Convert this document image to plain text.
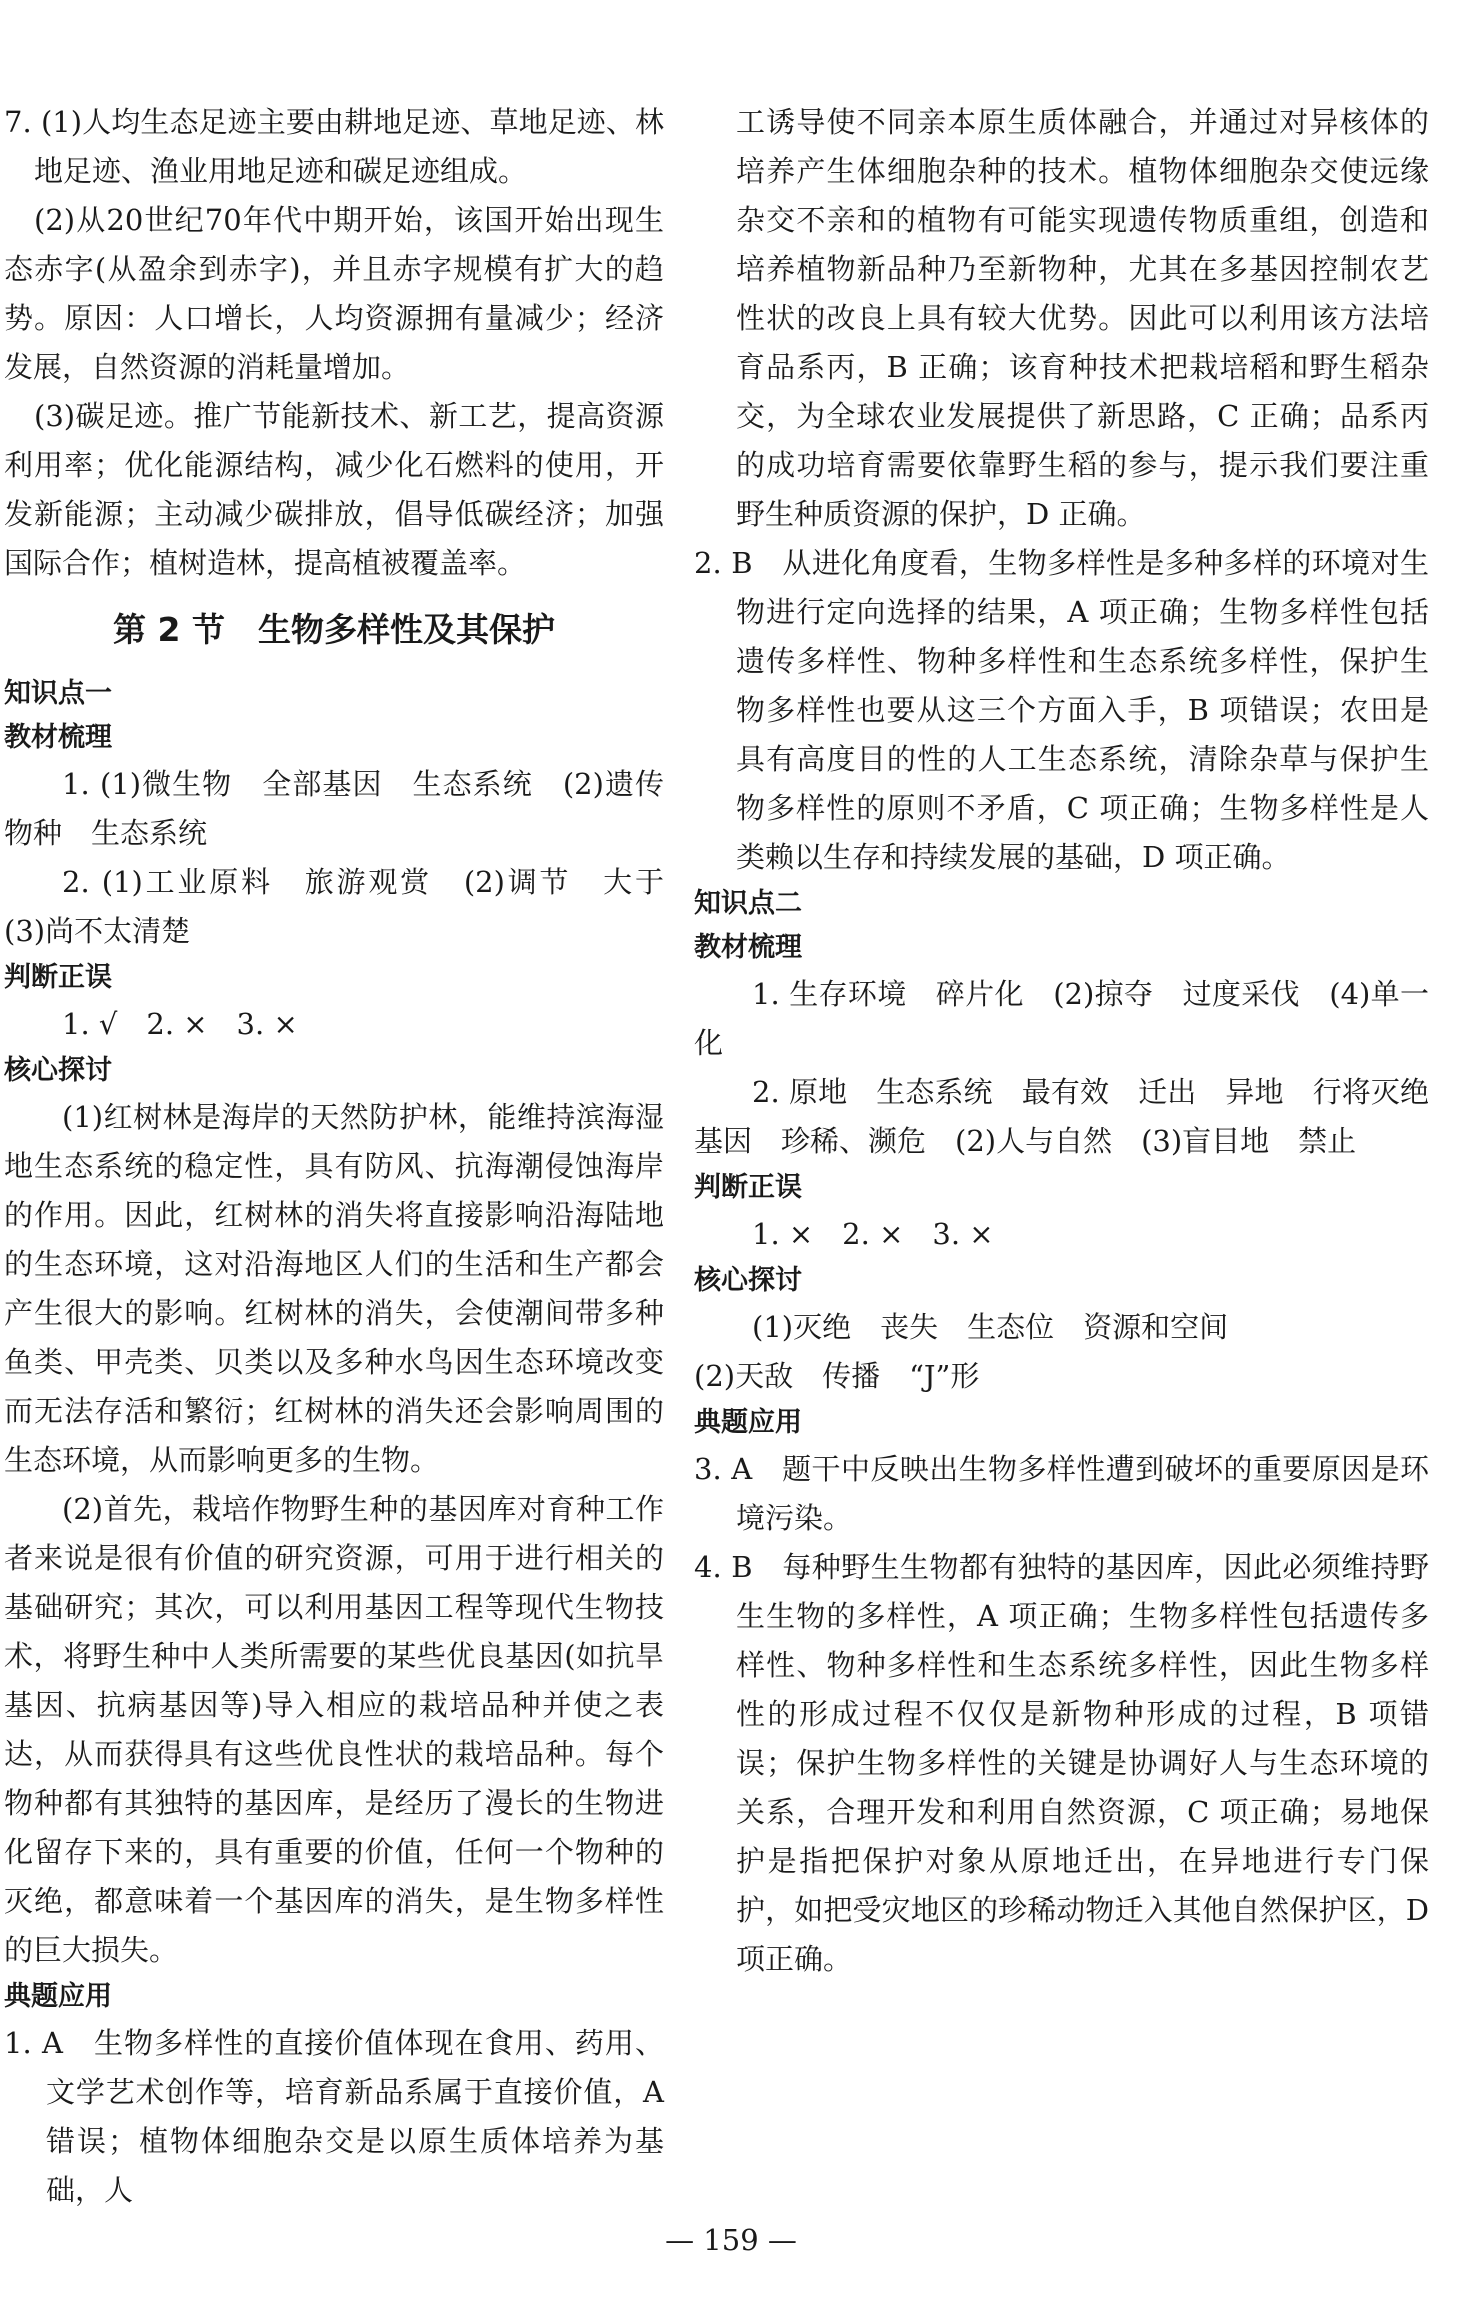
7. (1)人均生态足迹主要由耕地足迹、草地足迹、林地足迹、渔业用地足迹和碳足迹组成。

(2)从20世纪70年代中期开始，该国开始出现生态赤字(从盈余到赤字)，并且赤字规模有扩大的趋势。原因：人口增长，人均资源拥有量减少；经济发展，自然资源的消耗量增加。

(3)碳足迹。推广节能新技术、新工艺，提高资源利用率；优化能源结构，减少化石燃料的使用，开发新能源；主动减少碳排放，倡导低碳经济；加强国际合作；植树造林，提高植被覆盖率。

第 2 节　生物多样性及其保护

知识点一

教材梳理

1. (1)微生物　全部基因　生态系统　(2)遗传　物种　生态系统

2. (1)工业原料　旅游观赏　(2)调节　大于　(3)尚不太清楚

判断正误

1. √　2. ×　3. ×

核心探讨

(1)红树林是海岸的天然防护林，能维持滨海湿地生态系统的稳定性，具有防风、抗海潮侵蚀海岸的作用。因此，红树林的消失将直接影响沿海陆地的生态环境，这对沿海地区人们的生活和生产都会产生很大的影响。红树林的消失，会使潮间带多种鱼类、甲壳类、贝类以及多种水鸟因生态环境改变而无法存活和繁衍；红树林的消失还会影响周围的生态环境，从而影响更多的生物。

(2)首先，栽培作物野生种的基因库对育种工作者来说是很有价值的研究资源，可用于进行相关的基础研究；其次，可以利用基因工程等现代生物技术，将野生种中人类所需要的某些优良基因(如抗旱基因、抗病基因等)导入相应的栽培品种并使之表达，从而获得具有这些优良性状的栽培品种。每个物种都有其独特的基因库，是经历了漫长的生物进化留存下来的，具有重要的价值，任何一个物种的灭绝，都意味着一个基因库的消失，是生物多样性的巨大损失。

典题应用

1. A　生物多样性的直接价值体现在食用、药用、文学艺术创作等，培育新品系属于直接价值，A 错误；植物体细胞杂交是以原生质体培养为基础，人

工诱导使不同亲本原生质体融合，并通过对异核体的培养产生体细胞杂种的技术。植物体细胞杂交使远缘杂交不亲和的植物有可能实现遗传物质重组，创造和培养植物新品种乃至新物种，尤其在多基因控制农艺性状的改良上具有较大优势。因此可以利用该方法培育品系丙，B 正确；该育种技术把栽培稻和野生稻杂交，为全球农业发展提供了新思路，C 正确；品系丙的成功培育需要依靠野生稻的参与，提示我们要注重野生种质资源的保护，D 正确。

2. B　从进化角度看，生物多样性是多种多样的环境对生物进行定向选择的结果，A 项正确；生物多样性包括遗传多样性、物种多样性和生态系统多样性，保护生物多样性也要从这三个方面入手，B 项错误；农田是具有高度目的性的人工生态系统，清除杂草与保护生物多样性的原则不矛盾，C 项正确；生物多样性是人类赖以生存和持续发展的基础，D 项正确。

知识点二

教材梳理

1. 生存环境　碎片化　(2)掠夺　过度采伐　(4)单一化

2. 原地　生态系统　最有效　迁出　异地　行将灭绝　基因　珍稀、濒危　(2)人与自然　(3)盲目地　禁止

判断正误

1. ×　2. ×　3. ×

核心探讨

(1)灭绝　丧失　生态位　资源和空间

(2)天敌　传播　“J”形

典题应用

3. A　题干中反映出生物多样性遭到破坏的重要原因是环境污染。

4. B　每种野生生物都有独特的基因库，因此必须维持野生生物的多样性，A 项正确；生物多样性包括遗传多样性、物种多样性和生态系统多样性，因此生物多样性的形成过程不仅仅是新物种形成的过程，B 项错误；保护生物多样性的关键是协调好人与生态环境的关系，合理开发和利用自然资源，C 项正确；易地保护是指把保护对象从原地迁出，在异地进行专门保护，如把受灾地区的珍稀动物迁入其他自然保护区，D 项正确。

— 159 —
